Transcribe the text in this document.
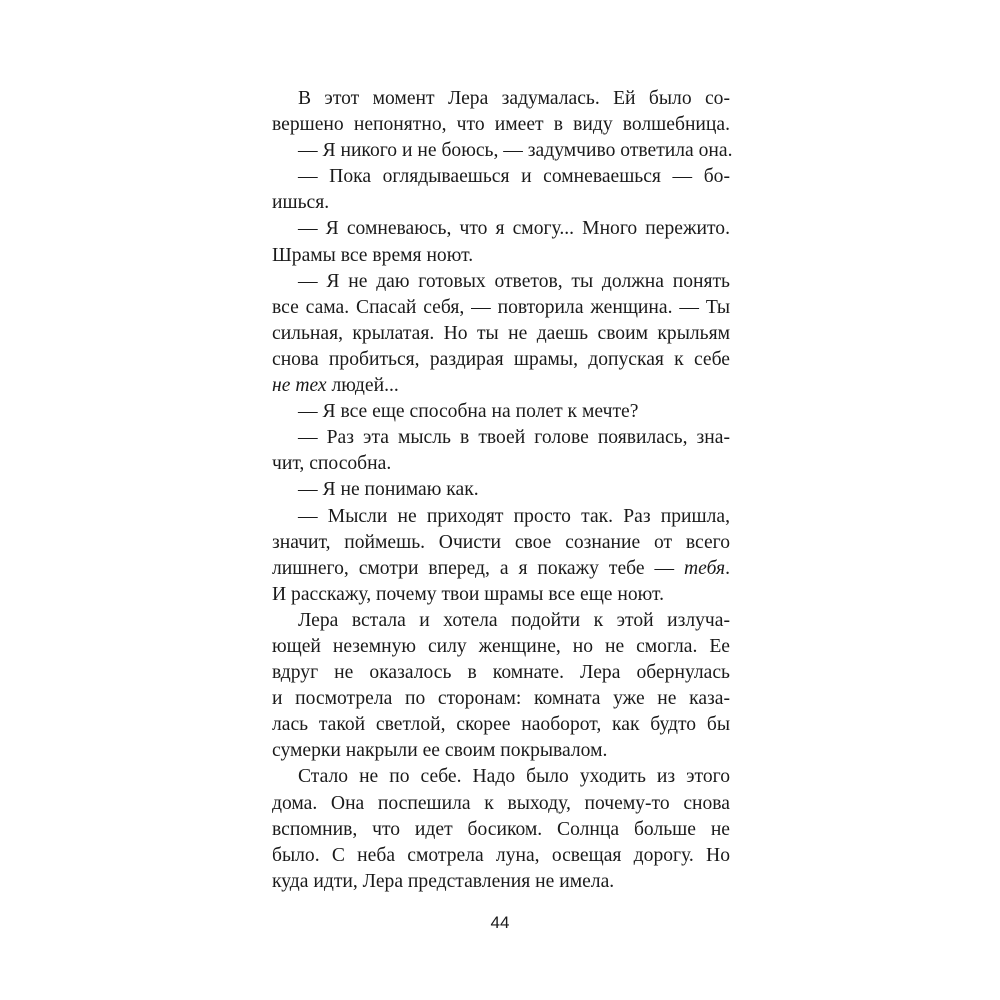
В этот момент Лера задумалась. Ей было со-
вершено непонятно, что имеет в виду волшебница.
— Я никого и не боюсь, — задумчиво ответила она.
— Пока оглядываешься и сомневаешься — бо-
ишься.
— Я сомневаюсь, что я смогу... Много пережито.
Шрамы все время ноют.
— Я не даю готовых ответов, ты должна понять
все сама. Спасай себя, — повторила женщина. — Ты
сильная, крылатая. Но ты не даешь своим крыльям
снова пробиться, раздирая шрамы, допуская к себе
не тех людей...
— Я все еще способна на полет к мечте?
— Раз эта мысль в твоей голове появилась, зна-
чит, способна.
— Я не понимаю как.
— Мысли не приходят просто так. Раз пришла,
значит, поймешь. Очисти свое сознание от всего
лишнего, смотри вперед, а я покажу тебе — тебя.
И расскажу, почему твои шрамы все еще ноют.
Лера встала и хотела подойти к этой излуча-
ющей неземную силу женщине, но не смогла. Ее
вдруг не оказалось в комнате. Лера обернулась
и посмотрела по сторонам: комната уже не каза-
лась такой светлой, скорее наоборот, как будто бы
сумерки накрыли ее своим покрывалом.
Стало не по себе. Надо было уходить из этого
дома. Она поспешила к выходу, почему-то снова
вспомнив, что идет босиком. Солнца больше не
было. С неба смотрела луна, освещая дорогу. Но
куда идти, Лера представления не имела.
44
